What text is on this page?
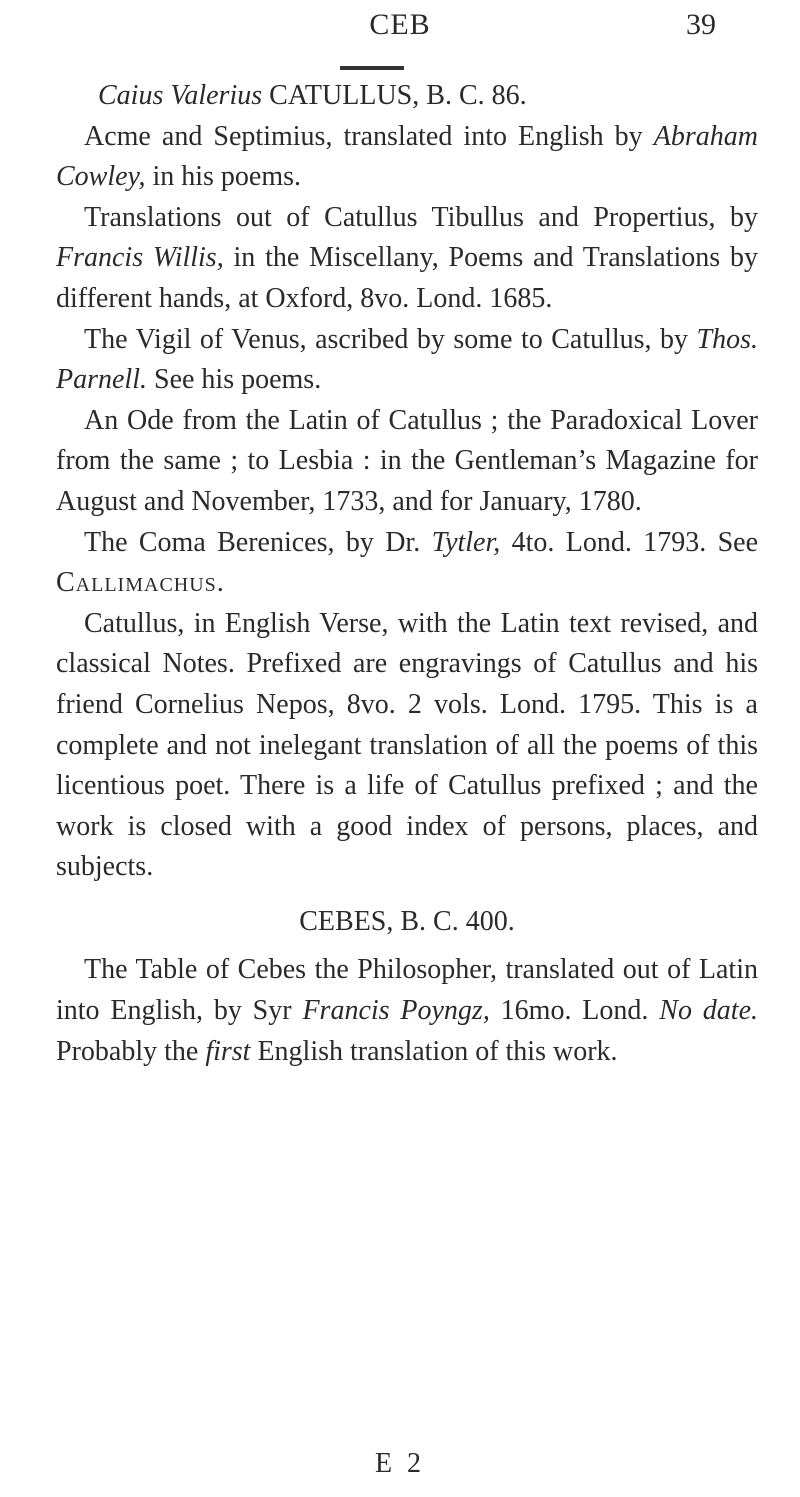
CEB	39

Caius Valerius CATULLUS, B. C. 86.

Acme and Septimius, translated into English by Abraham Cowley, in his poems.

Translations out of Catullus Tibullus and Propertius, by Francis Willis, in the Miscellany, Poems and Translations by different hands, at Oxford, 8vo. Lond. 1685.

The Vigil of Venus, ascribed by some to Catullus, by Thos. Parnell. See his poems.

An Ode from the Latin of Catullus ; the Paradoxical Lover from the same ; to Lesbia : in the Gentleman’s Magazine for August and November, 1733, and for January, 1780.

The Coma Berenices, by Dr. Tytler, 4to. Lond. 1793. See Callimachus.

Catullus, in English Verse, with the Latin text revised, and classical Notes. Prefixed are engravings of Catullus and his friend Cornelius Nepos, 8vo. 2 vols. Lond. 1795. This is a complete and not inelegant translation of all the poems of this licentious poet. There is a life of Catullus prefixed ; and the work is closed with a good index of persons, places, and subjects.

CEBES, B. C. 400.

The Table of Cebes the Philosopher, translated out of Latin into English, by Syr Francis Poyngz, 16mo. Lond. No date. Probably the first English translation of this work.

E 2
